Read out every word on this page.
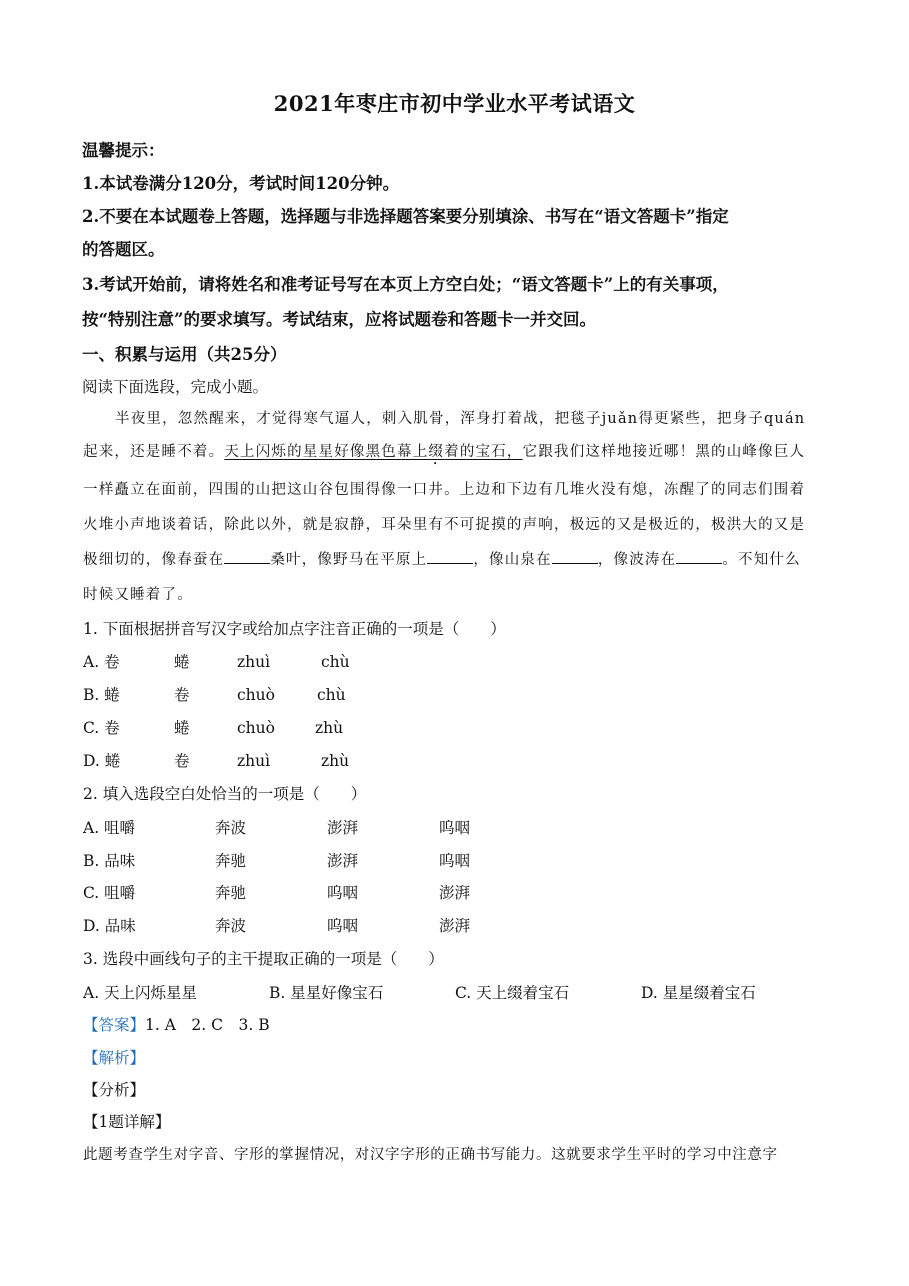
2021年枣庄市初中学业水平考试语文
温馨提示：
1.本试卷满分120分，考试时间120分钟。
2.不要在本试题卷上答题，选择题与非选择题答案要分别填涂、书写在“语文答题卡”指定
的答题区。
3.考试开始前，请将姓名和准考证号写在本页上方空白处；“语文答题卡”上的有关事项，
按“特别注意”的要求填写。考试结束，应将试题卷和答题卡一并交回。
一、积累与运用（共25分）
阅读下面选段，完成小题。
半夜里，忽然醒来，才觉得寒气逼人，刺入肌骨，浑身打着战，把毯子juǎn得更紧些，把身子quán
起来，还是睡不着。天上闪烁的星星好像黑色幕上缀着的宝石，它跟我们这样地接近哪！黑的山峰像巨人
一样矗立在面前，四围的山把这山谷包围得像一口井。上边和下边有几堆火没有熄，冻醒了的同志们围着
火堆小声地谈着话，除此以外，就是寂静，耳朵里有不可捉摸的声响，极远的又是极近的，极洪大的又是
极细切的，像春蚕在	桑叶，像野马在平原上	，像山泉在	，像波涛在	。不知什么
时候又睡着了。
1. 下面根据拼音写汉字或给加点字注音正确的一项是（　　）
A. 卷	蜷	zhuì	chù
B. 蜷	卷	chuò	chù
C. 卷	蜷	chuò	zhù
D. 蜷	卷	zhuì	zhù
2. 填入选段空白处恰当的一项是（　　）
A. 咀嚼	奔波	澎湃	呜咽
B. 品味	奔驰	澎湃	呜咽
C. 咀嚼	奔驰	呜咽	澎湃
D. 品味	奔波	呜咽	澎湃
3. 选段中画线句子的主干提取正确的一项是（　　）
A. 天上闪烁星星	B. 星星好像宝石	C. 天上缀着宝石	D. 星星缀着宝石
【答案】1. A　2. C　3. B
【解析】
【分析】
【1题详解】
此题考查学生对字音、字形的掌握情况，对汉字字形的正确书写能力。这就要求学生平时的学习中注意字
